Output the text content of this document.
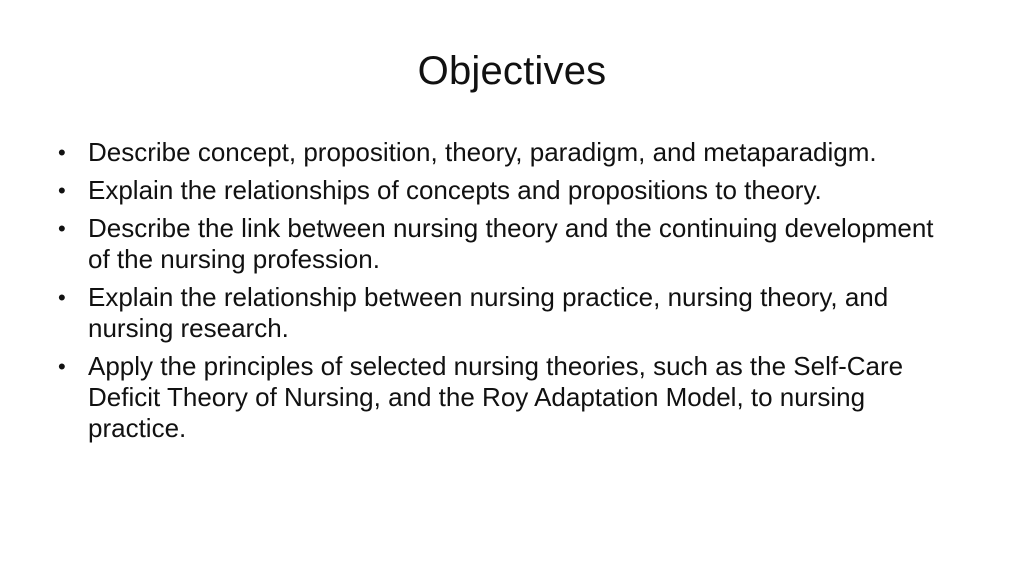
Objectives
• Describe concept, proposition, theory, paradigm, and metaparadigm.
• Explain the relationships of concepts and propositions to theory.
• Describe the link between nursing theory and the continuing development of the nursing profession.
• Explain the relationship between nursing practice, nursing theory, and nursing research.
• Apply the principles of selected nursing theories, such as the Self-Care Deficit Theory of Nursing, and the Roy Adaptation Model, to nursing practice.
